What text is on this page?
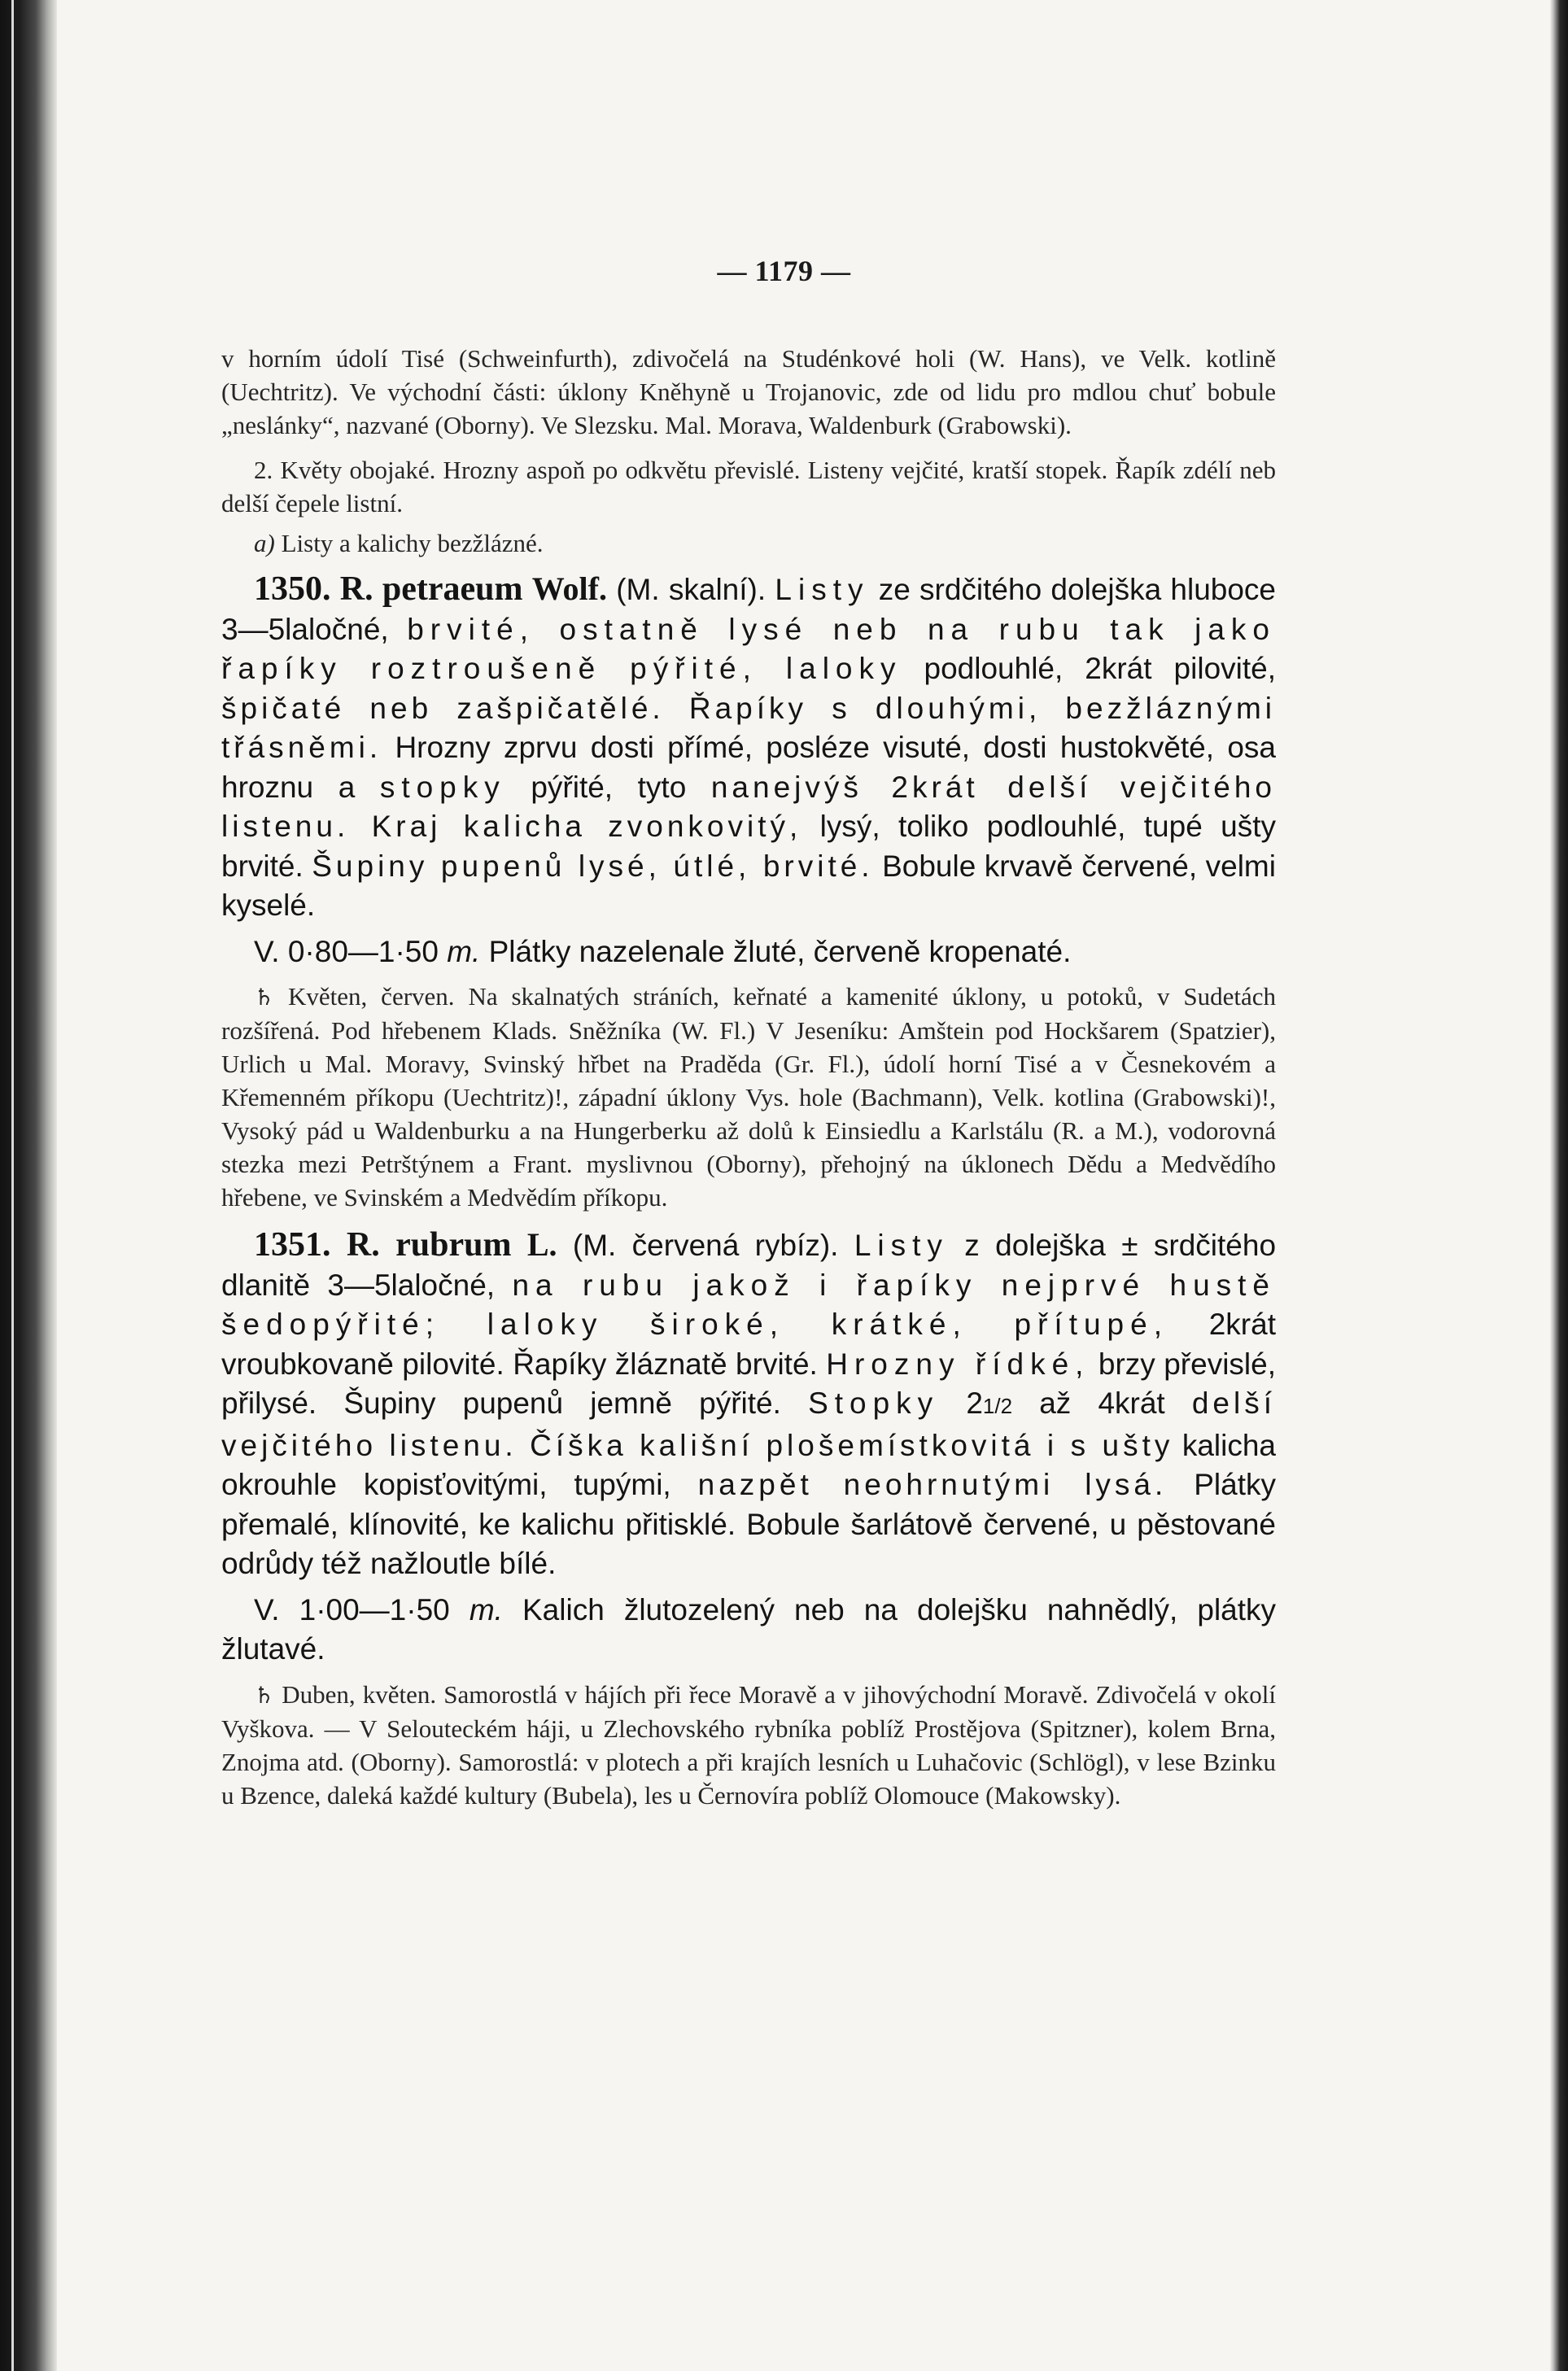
— 1179 —

v horním údolí Tisé (Schweinfurth), zdivočelá na Studénkové holi (W. Hans), ve Velk. kotlině (Uechtritz). Ve východní části: úklony Kněhyně u Trojanovic, zde od lidu pro mdlou chuť bobule „neslánky“, nazvané (Oborny). Ve Slezsku. Mal. Morava, Waldenburk (Grabowski).

2. Květy obojaké. Hrozny aspoň po odkvětu převislé. Listeny vejčité, kratší stopek. Řapík zdélí neb delší čepele listní.

a) Listy a kalichy bezžlázné.

1350. R. petraeum Wolf. (M. skalní). Listy ze srdčitého dolejška hluboce 3—5laločné, brvité, ostatně lysé neb na rubu tak jako řapíky roztroušeně pýřité, laloky podlouhlé, 2krát pilovité, špičaté neb zašpičatělé. Řapíky s dlouhými, bezžláznými třásněmi. Hrozny zprvu dosti přímé, posléze visuté, dosti hustokvěté, osa hroznu a stopky pýřité, tyto nanejvýš 2krát delší vejčitého listenu. Kraj kalicha zvonkovitý, lysý, toliko podlouhlé, tupé ušty brvité. Šupiny pupenů lysé, útlé, brvité. Bobule krvavě červené, velmi kyselé.

V. 0·80—1·50 m. Plátky nazelenale žluté, červeně kropenaté.

♄ Květen, červen. Na skalnatých stráních, keřnaté a kamenité úklony, u potoků, v Sudetách rozšířená. Pod hřebenem Klads. Sněžníka (W. Fl.) V Jeseníku: Amštein pod Hockšarem (Spatzier), Urlich u Mal. Moravy, Svinský hřbet na Praděda (Gr. Fl.), údolí horní Tisé a v Česnekovém a Křemenném příkopu (Uechtritz)!, západní úklony Vys. hole (Bachmann), Velk. kotlina (Grabowski)!, Vysoký pád u Waldenburku a na Hungerberku až dolů k Einsiedlu a Karlstálu (R. a M.), vodorovná stezka mezi Petrštýnem a Frant. myslivnou (Oborny), přehojný na úklonech Dědu a Medvědího hřebene, ve Svinském a Medvědím příkopu.

1351. R. rubrum L. (M. červená rybíz). Listy z dolejška ± srdčitého dlanitě 3—5laločné, na rubu jakož i řapíky nejprvé hustě šedopýřité; laloky široké, krátké, přítupé, 2krát vroubkovaně pilovité. Řapíky žláznatě brvité. Hrozny řídké, brzy převislé, přilysé. Šupiny pupenů jemně pýřité. Stopky 21/2 až 4krát delší vejčitého listenu. Číška kališní plošemístkovitá i s ušty kalicha okrouhle kopisťovitými, tupými, nazpět neohrnutými lysá. Plátky přemalé, klínovité, ke kalichu přitisklé. Bobule šarlátově červené, u pěstované odrůdy též nažloutle bílé.

V. 1·00—1·50 m. Kalich žlutozelený neb na dolejšku nahnědlý, plátky žlutavé.

♄ Duben, květen. Samorostlá v hájích při řece Moravě a v jihovýchodní Moravě. Zdivočelá v okolí Vyškova. — V Selouteckém háji, u Zlechovského rybníka poblíž Prostějova (Spitzner), kolem Brna, Znojma atd. (Oborny). Samorostlá: v plotech a při krajích lesních u Luhačovic (Schlögl), v lese Bzinku u Bzence, daleká každé kultury (Bubela), les u Černovíra poblíž Olomouce (Makowsky).
